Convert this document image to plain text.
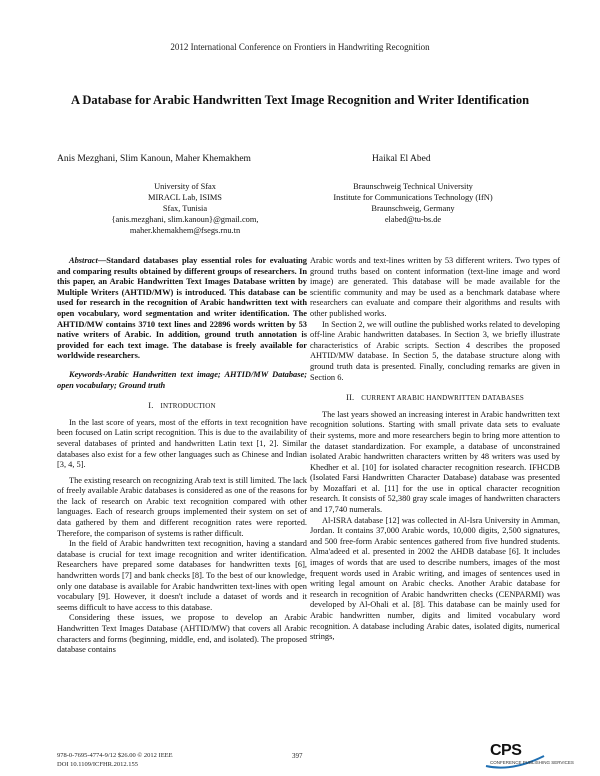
2012 International Conference on Frontiers in Handwriting Recognition
A Database for Arabic Handwritten Text Image Recognition and Writer Identification
Anis Mezghani, Slim Kanoun, Maher Khemakhem	Haikal El Abed
University of Sfax
MIRACL Lab, ISIMS
Sfax, Tunisia
{anis.mezghani, slim.kanoun}@gmail.com,
maher.khemakhem@fsegs.rnu.tn
Braunschweig Technical University
Institute for Communications Technology (IfN)
Braunschweig, Germany
elabed@tu-bs.de

Abstract—Standard databases play essential roles for evaluating and comparing results obtained by different groups of researchers. In this paper, an Arabic Handwritten Text Images Database written by Multiple Writers (AHTID/MW) is introduced. This database can be used for research in the recognition of Arabic handwritten text with open vocabulary, word segmentation and writer identification. The AHTID/MW contains 3710 text lines and 22896 words written by 53 native writers of Arabic. In addition, ground truth annotation is provided for each text image. The database is freely available for worldwide researchers.

Keywords-Arabic Handwritten text image; AHTID/MW Database; open vocabulary; Ground truth

I. INTRODUCTION

In the last score of years, most of the efforts in text recognition have been focused on Latin script recognition. This is due to the availability of several databases of printed and handwritten Latin text [1, 2]. Similar databases also exist for a few other languages such as Chinese and Indian [3, 4, 5].

The existing research on recognizing Arab text is still limited. The lack of freely available Arabic databases is considered as one of the reasons for the lack of research on Arabic text recognition compared with other languages. Each of research groups implemented their system on set of data gathered by them and different recognition rates were reported. Therefore, the comparison of systems is rather difficult.

In the field of Arabic handwritten text recognition, having a standard database is crucial for text image recognition and writer identification. Researchers have prepared some databases for handwritten texts [6], handwritten words [7] and bank checks [8]. To the best of our knowledge, only one database is available for Arabic handwritten text-lines with open vocabulary [9]. However, it doesn't include a dataset of words and it seems difficult to have access to this database.

Considering these issues, we propose to develop an Arabic Handwritten Text Images Database (AHTID/MW) that covers all Arabic characters and forms (beginning, middle, end, and isolated). The proposed database contains

Arabic words and text-lines written by 53 different writers. Two types of ground truths based on content information (text-line image and word image) are generated. This database will be made available for the scientific community and may be used as a benchmark database where researchers can evaluate and compare their algorithms and results with other published works.

In Section 2, we will outline the published works related to developing off-line Arabic handwritten databases. In Section 3, we briefly illustrate characteristics of Arabic scripts. Section 4 describes the proposed AHTID/MW database. In Section 5, the database structure along with ground truth data is presented. Finally, concluding remarks are given in Section 6.

II. CURRENT ARABIC HANDWRITTEN DATABASES

The last years showed an increasing interest in Arabic handwritten text recognition solutions. Starting with small private data sets to evaluate their systems, more and more researchers begin to bring more attention to the dataset standardization. For example, a database of unconstrained isolated Arabic handwritten characters written by 48 writers was used by Khedher et al. [10] for isolated character recognition research. IFHCDB (Isolated Farsi Handwritten Character Database) database was presented by Mozaffari et al. [11] for the use in optical character recognition research. It consists of 52,380 gray scale images of handwritten characters and 17,740 numerals.

Al-ISRA database [12] was collected in Al-Isra University in Amman, Jordan. It contains 37,000 Arabic words, 10,000 digits, 2,500 signatures, and 500 free-form Arabic sentences gathered from five hundred students. Alma'adeed et al. presented in 2002 the AHDB database [6]. It includes images of words that are used to describe numbers, images of the most frequent words used in Arabic writing, and images of sentences used in writing legal amount on Arabic checks. Another Arabic database for research in recognition of Arabic handwritten checks (CENPARMI) was developed by Al-Ohali et al. [8]. This database can be mainly used for Arabic handwritten number, digits and limited vocabulary word recognition. A database including Arabic dates, isolated digits, numerical strings,

978-0-7695-4774-9/12 $26.00 © 2012 IEEE
DOI 10.1109/ICFHR.2012.155
397	CPS
CONFERENCE PUBLISHING SERVICES
